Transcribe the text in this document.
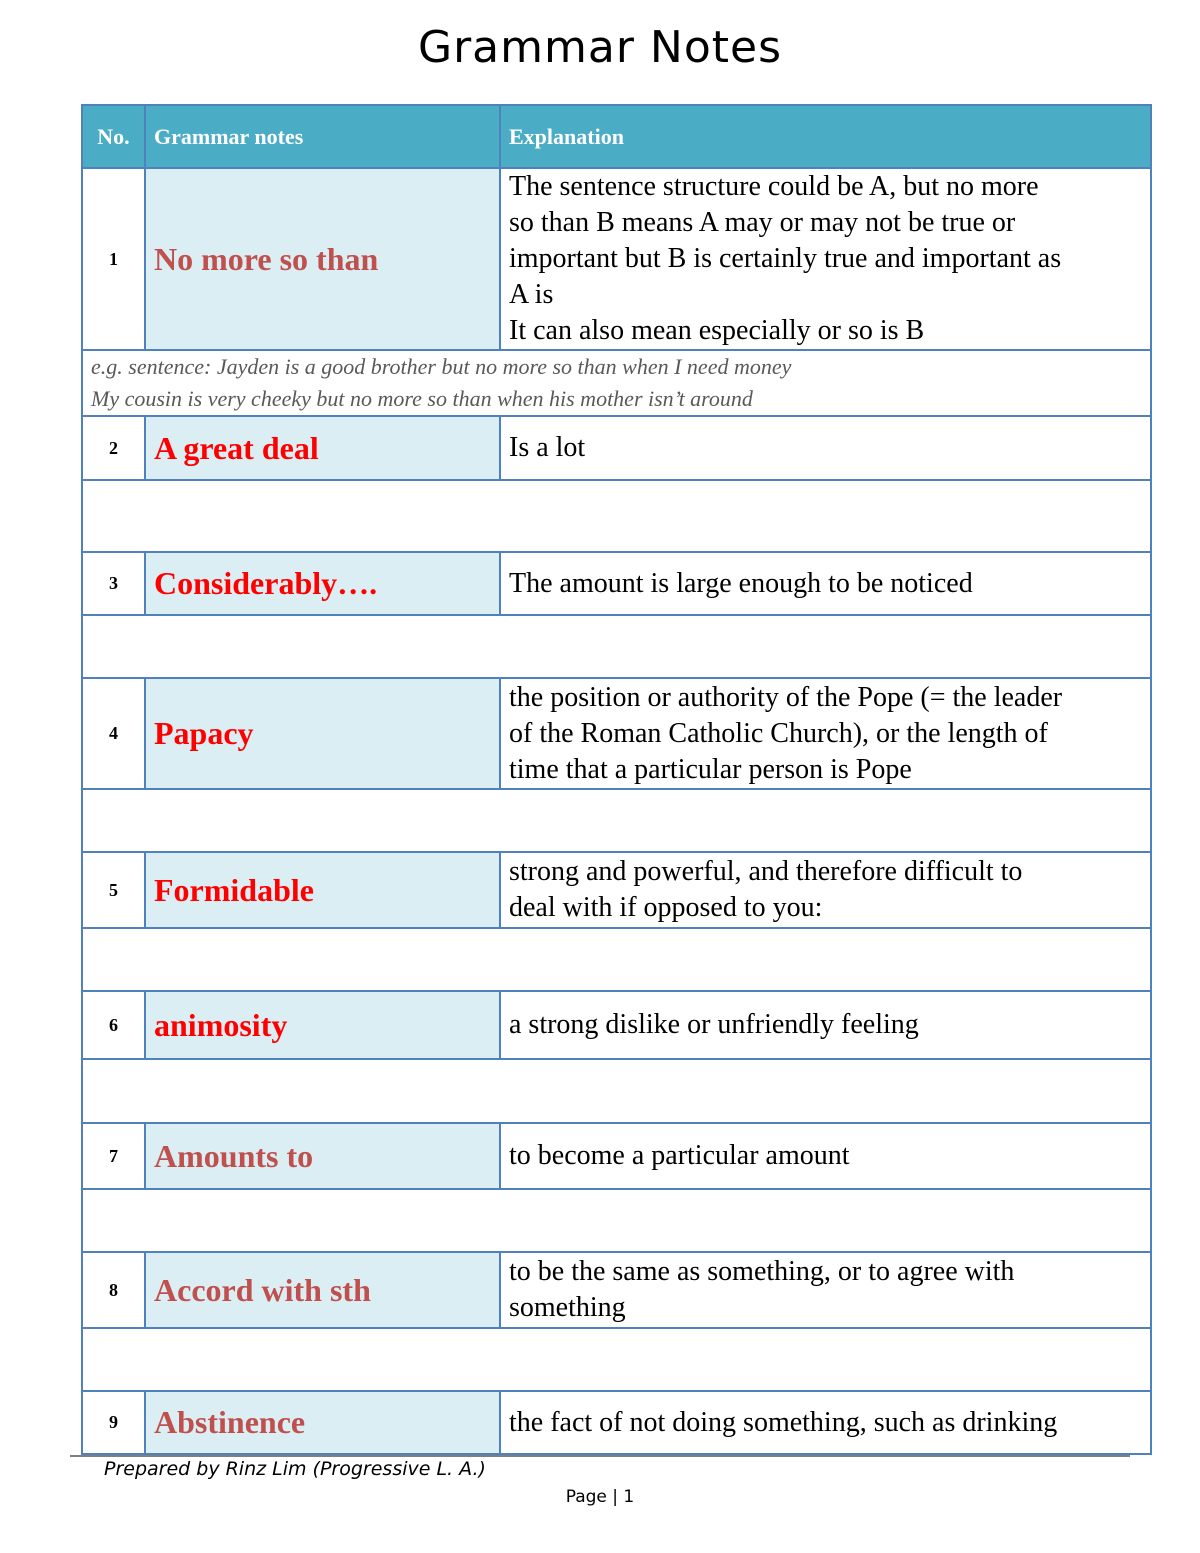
Grammar Notes
No.	Grammar notes	Explanation
1	No more so than	The sentence structure could be A, but no more
so than B means A may or may not be true or
important but B is certainly true and important as
A is
It can also mean especially or so is B

e.g. sentence: Jayden is a good brother but no more so than when I need money
My cousin is very cheeky but no more so than when his mother isn’t around		

2	A great deal	Is a lot

3	Considerably….	The amount is large enough to be noticed

4	Papacy	the position or authority of the Pope (= the leader
of the Roman Catholic Church), or the length of
time that a particular person is Pope

5	Formidable	strong and powerful, and therefore difficult to
deal with if opposed to you:

6	animosity	a strong dislike or unfriendly feeling

7	Amounts to	to become a particular amount

8	Accord with sth	to be the same as something, or to agree with
something

9	Abstinence	the fact of not doing something, such as drinking
Prepared by Rinz Lim (Progressive L. A.)
Page | 1
